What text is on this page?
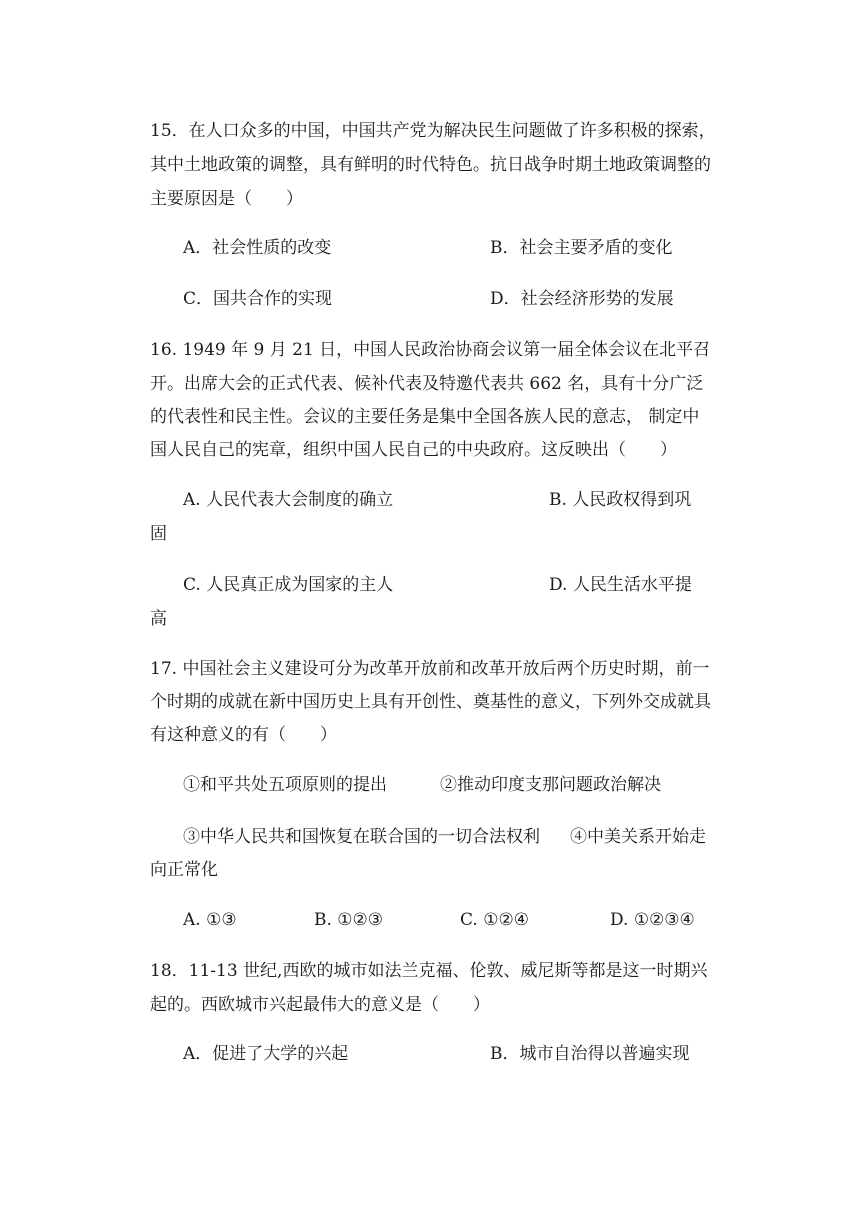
15．在人口众多的中国，中国共产党为解决民生问题做了许多积极的探索，
其中土地政策的调整，具有鲜明的时代特色。抗日战争时期土地政策调整的
主要原因是（　　）
A．社会性质的改变	B．社会主要矛盾的变化
C．国共合作的实现	D．社会经济形势的发展
16. 1949 年 9 月 21 日，中国人民政治协商会议第一届全体会议在北平召
开。出席大会的正式代表、候补代表及特邀代表共 662 名，具有十分广泛
的代表性和民主性。会议的主要任务是集中全国各族人民的意志， 制定中
国人民自己的宪章，组织中国人民自己的中央政府。这反映出（　　）
A. 人民代表大会制度的确立	B. 人民政权得到巩
固
C. 人民真正成为国家的主人	D. 人民生活水平提
高
17. 中国社会主义建设可分为改革开放前和改革开放后两个历史时期，前一
个时期的成就在新中国历史上具有开创性、奠基性的意义，下列外交成就具
有这种意义的有（　　）
①和平共处五项原则的提出	②推动印度支那问题政治解决
③中华人民共和国恢复在联合国的一切合法权利 ④中美关系开始走
向正常化
A. ①③	B. ①②③	C. ①②④	D. ①②③④
18．11-13 世纪,西欧的城市如法兰克福、伦敦、威尼斯等都是这一时期兴
起的。西欧城市兴起最伟大的意义是（　　）
A．促进了大学的兴起	B．城市自治得以普遍实现
